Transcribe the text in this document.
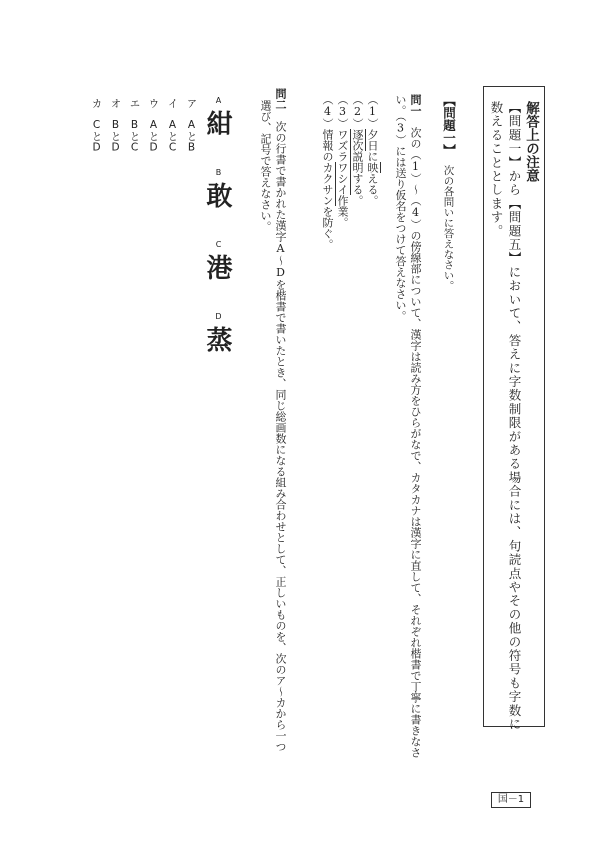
解答上の注意
【問題一】から【問題五】において、答えに字数制限がある場合には、句読点やその他の符号も字数に
数えることとします。
【問題一】次の各問いに答えなさい。
問一　次の（1）～（4）の傍線部について、漢字は読み方をひらがなで、カタカナは漢字に直して、それぞれ楷書で丁寧に書きなさ
い。（3）には送り仮名をつけて答えなさい。
（1）夕日に映える。
（2）逐次説明する。
（3）ワズラワシイ作業。
（4）情報のカクサンを防ぐ。
問二　次の行書で書かれた漢字A～Dを楷書で書いたとき、同じ総画数になる組み合わせとして、正しいものを、次のア～カから一つ
選び、記号で答えなさい。
A
紺
B
敢
C
港
D
蒸
ア　AとB
イ　AとC
ウ　AとD
エ　BとC
オ　BとD
カ　CとD
国－1
